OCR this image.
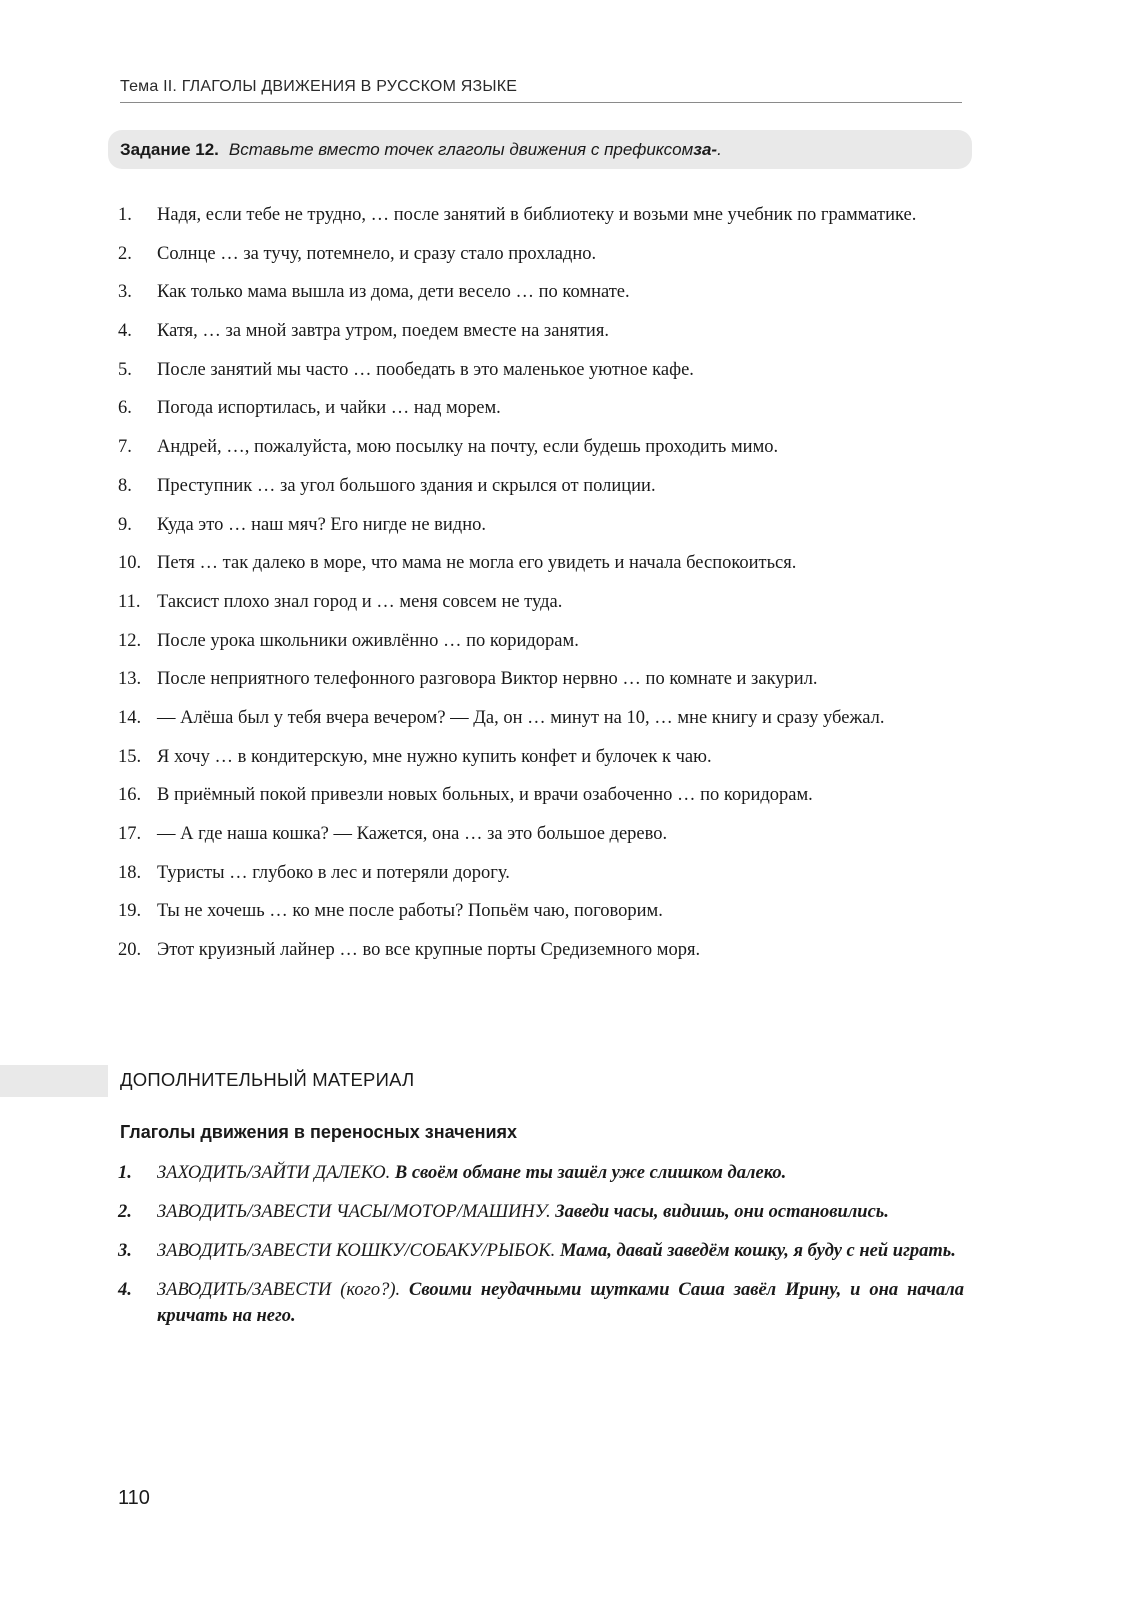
Тема II. ГЛАГОЛЫ ДВИЖЕНИЯ В РУССКОМ ЯЗЫКЕ
Задание 12. Вставьте вместо точек глаголы движения с префиксом за- .
1.	Надя, если тебе не трудно, … после занятий в библиотеку и возьми мне учебник по грамматике.
2.	Солнце … за тучу, потемнело, и сразу стало прохладно.
3.	Как только мама вышла из дома, дети весело … по комнате.
4.	Катя, … за мной завтра утром, поедем вместе на занятия.
5.	После занятий мы часто … пообедать в это маленькое уютное кафе.
6.	Погода испортилась, и чайки … над морем.
7.	Андрей, …, пожалуйста, мою посылку на почту, если будешь проходить мимо.
8.	Преступник … за угол большого здания и скрылся от полиции.
9.	Куда это … наш мяч? Его нигде не видно.
10. Петя … так далеко в море, что мама не могла его увидеть и начала беспокоиться.
11. Таксист плохо знал город и … меня совсем не туда.
12. После урока школьники оживлённо … по коридорам.
13. После неприятного телефонного разговора Виктор нервно … по комнате и закурил.
14. — Алёша был у тебя вчера вечером? — Да, он … минут на 10, … мне книгу и сразу убежал.
15. Я хочу … в кондитерскую, мне нужно купить конфет и булочек к чаю.
16. В приёмный покой привезли новых больных, и врачи озабоченно … по коридорам.
17. — А где наша кошка? — Кажется, она … за это большое дерево.
18. Туристы … глубоко в лес и потеряли дорогу.
19. Ты не хочешь … ко мне после работы? Попьём чаю, поговорим.
20. Этот круизный лайнер … во все крупные порты Средиземного моря.
ДОПОЛНИТЕЛЬНЫЙ МАТЕРИАЛ
Глаголы движения в переносных значениях
1.	ЗАХОДИТЬ/ЗАЙТИ ДАЛЕКО. В своём обмане ты зашёл уже слишком далеко.
2.	ЗАВОДИТЬ/ЗАВЕСТИ ЧАСЫ/МОТОР/МАШИНУ. Заведи часы, видишь, они остановились.
3.	ЗАВОДИТЬ/ЗАВЕСТИ КОШКУ/СОБАКУ/РЫБОК. Мама, давай заведём кошку, я буду с ней играть.
4.	ЗАВОДИТЬ/ЗАВЕСТИ (кого?). Своими неудачными шутками Саша завёл Ирину, и она начала кричать на него.
110
